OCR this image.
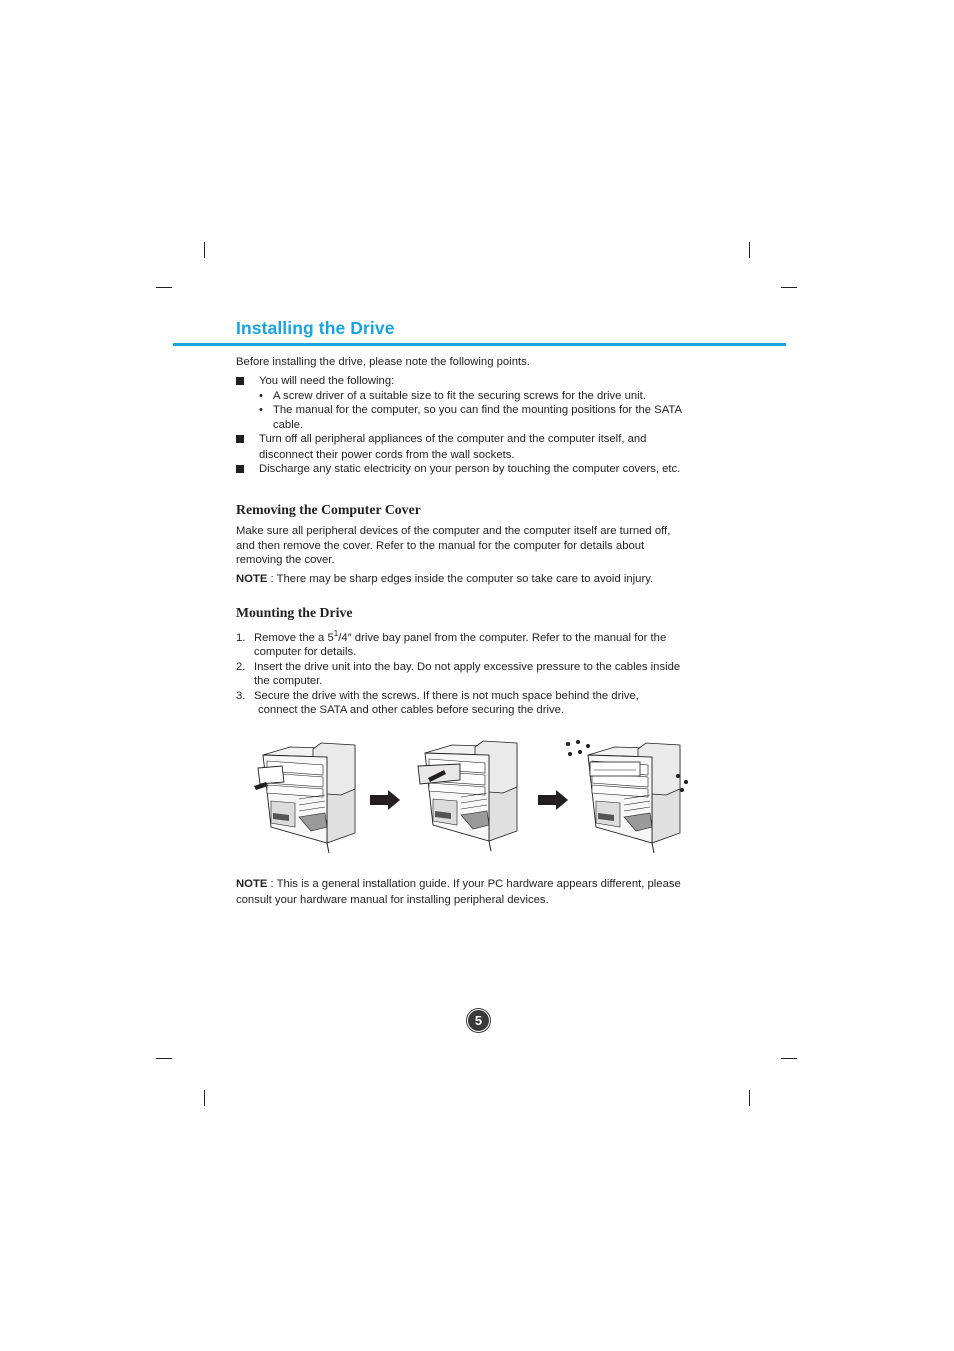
Installing the Drive
Before installing the drive, please note the following points.
You will need the following:
• A screw driver of a suitable size to fit the securing screws for the drive unit.
• The manual for the computer, so you can find the mounting positions for the SATA
cable.
Turn off all peripheral appliances of the computer and the computer itself, and
disconnect their power cords from the wall sockets.
Discharge any static electricity on your person by touching the computer covers, etc.
Removing the Computer Cover
Make sure all peripheral devices of the computer and the computer itself are turned off,
and then remove the cover. Refer to the manual for the computer for details about
removing the cover.
NOTE : There may be sharp edges inside the computer so take care to avoid injury.
Mounting the Drive
1. Remove the a $5^1/4''$ drive bay panel from the computer. Refer to the manual for the
computer for details.
2. Insert the drive unit into the bay. Do not apply excessive pressure to the cables inside
the computer.
3. Secure the drive with the screws. If there is not much space behind the drive,
connect the SATA and other cables before securing the drive.
NOTE : This is a general installation guide. If your PC hardware appears different, please
consult your hardware manual for installing peripheral devices.
5
